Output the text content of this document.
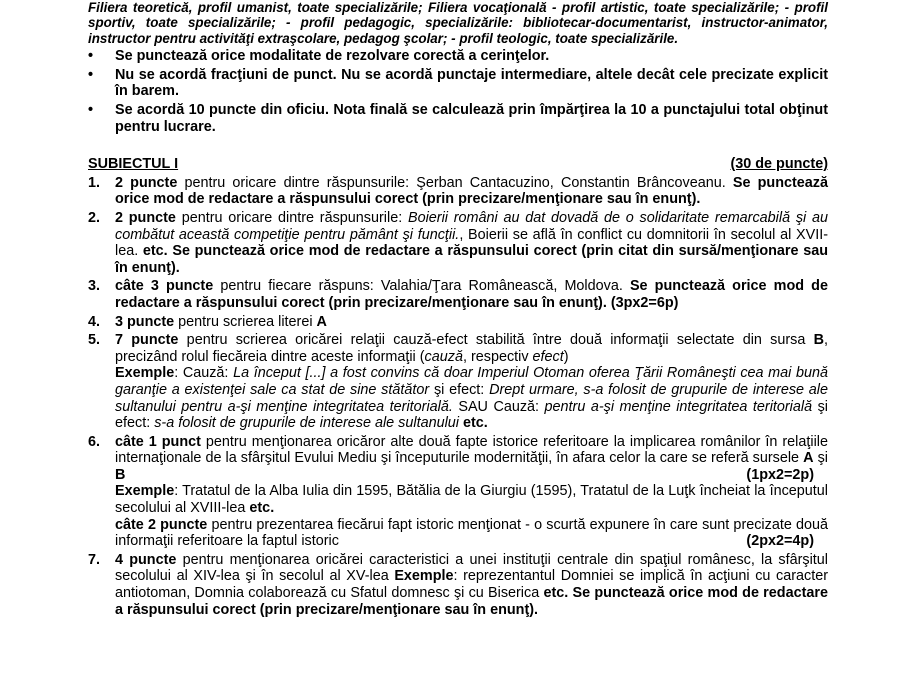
Filiera teoretică, profil umanist, toate specializările; Filiera vocaţională - profil artistic, toate specializările; - profil sportiv, toate specializările; - profil pedagogic, specializările: bibliotecar-documentarist, instructor-animator, instructor pentru activităţi extraşcolare, pedagog şcolar; - profil teologic, toate specializările.
• Se punctează orice modalitate de rezolvare corectă a cerinţelor.
• Nu se acordă fracţiuni de punct. Nu se acordă punctaje intermediare, altele decât cele precizate explicit în barem.
• Se acordă 10 puncte din oficiu. Nota finală se calculează prin împărţirea la 10 a punctajului total obţinut pentru lucrare.
SUBIECTUL I	(30 de puncte)
1. 2 puncte pentru oricare dintre răspunsurile: Şerban Cantacuzino, Constantin Brâncoveanu. Se punctează orice mod de redactare a răspunsului corect (prin precizare/menţionare sau în enunţ).
2. 2 puncte pentru oricare dintre răspunsurile: Boierii români au dat dovadă de o solidaritate remarcabilă şi au combătut această competiţie pentru pământ şi funcţii., Boierii se află în conflict cu domnitorii în secolul al XVII-lea. etc. Se punctează orice mod de redactare a răspunsului corect (prin citat din sursă/menţionare sau în enunţ).
3. câte 3 puncte pentru fiecare răspuns: Valahia/Ţara Românească, Moldova. Se punctează orice mod de redactare a răspunsului corect (prin precizare/menţionare sau în enunţ). (3px2=6p)
4. 3 puncte pentru scrierea literei A
5. 7 puncte pentru scrierea oricărei relaţii cauză-efect stabilită între două informaţii selectate din sursa B, precizând rolul fiecăreia dintre aceste informaţii (cauză, respectiv efect)
Exemple: Cauză: La început [...] a fost convins că doar Imperiul Otoman oferea Ţării Româneşti cea mai bună garanţie a existenţei sale ca stat de sine stătător şi efect: Drept urmare, s-a folosit de grupurile de interese ale sultanului pentru a-şi menţine integritatea teritorială. SAU Cauză: pentru a-şi menţine integritatea teritorială şi efect: s-a folosit de grupurile de interese ale sultanului etc.
6. câte 1 punct pentru menţionarea oricăror alte două fapte istorice referitoare la implicarea românilor în relaţiile internaţionale de la sfârşitul Evului Mediu şi începuturile modernităţii, în afara celor la care se referă sursele A şi B	(1px2=2p)
Exemple: Tratatul de la Alba Iulia din 1595, Bătălia de la Giurgiu (1595), Tratatul de la Luţk încheiat la începutul secolului al XVIII-lea etc.
câte 2 puncte pentru prezentarea fiecărui fapt istoric menţionat - o scurtă expunere în care sunt precizate două informaţii referitoare la faptul istoric	(2px2=4p)
7. 4 puncte pentru menţionarea oricărei caracteristici a unei instituţii centrale din spaţiul românesc, la sfârşitul secolului al XIV-lea şi în secolul al XV-lea Exemple: reprezentantul Domniei se implică în acţiuni cu caracter antiotoman, Domnia colaborează cu Sfatul domnesc şi cu Biserica etc. Se punctează orice mod de redactare a răspunsului corect (prin precizare/menţionare sau în enunţ).
